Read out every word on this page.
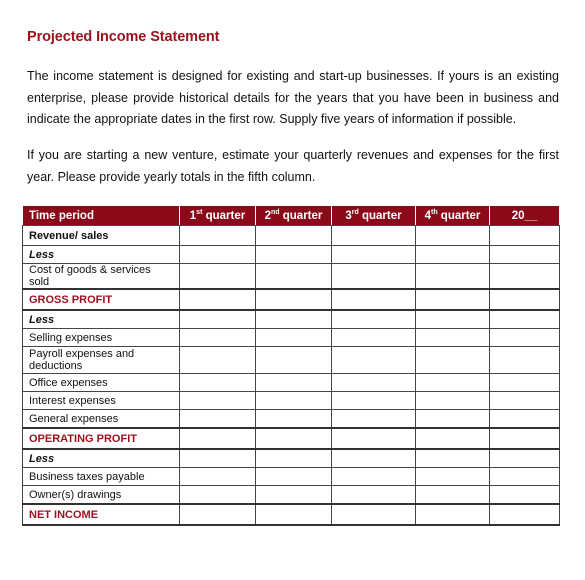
Projected Income Statement
The income statement is designed for existing and start-up businesses. If yours is an existing enterprise, please provide historical details for the years that you have been in business and indicate the appropriate dates in the first row. Supply five years of information if possible.
If you are starting a new venture, estimate your quarterly revenues and expenses for the first year. Please provide yearly totals in the fifth column.
Time period	1st quarter	2nd quarter	3rd quarter	4th quarter	20__
Revenue/ sales					
Less					
Cost of goods & services sold					
GROSS PROFIT					
Less					
Selling expenses					
Payroll expenses and deductions					
Office expenses					
Interest expenses					
General expenses					
OPERATING PROFIT					
Less					
Business taxes payable					
Owner(s) drawings					
NET INCOME					
